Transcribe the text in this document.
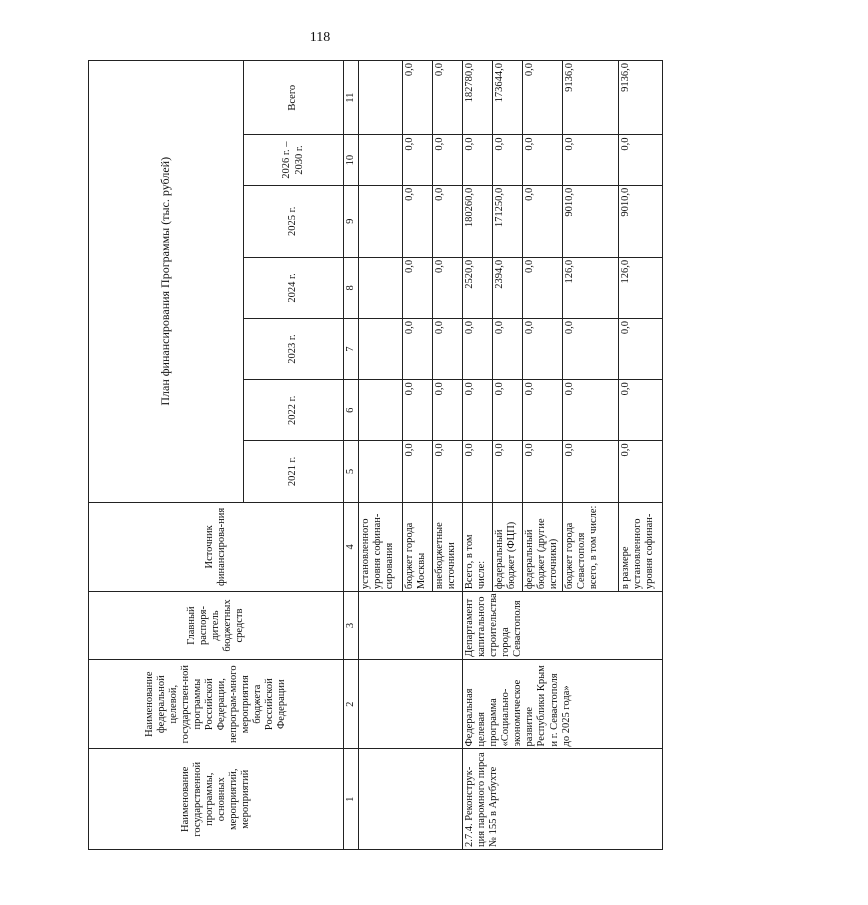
118
Наименование государственной программы, основных мероприятий, мероприятий	Наименование федеральной целевой, государствен-ной программы Российской Федерации, непрограм-много мероприятия бюджета Российской Федерации	Главный распоря-дитель бюджетных средств	Источник финансирова-ния	План финансирования Программы (тыс. рублей)						
				2021 г.	2022 г.	2023 г.	2024 г.	2025 г.	2026 г. – 2030 г.	Всего
1	2	3	4	5	6	7	8	9	10	11
			установленного уровня софинан-сирования							
			бюджет города Москвы	0,0	0,0	0,0	0,0	0,0	0,0	0,0
			внебюджетные источники	0,0	0,0	0,0	0,0	0,0	0,0	0,0
2.7.4. Реконструк-ция паромного пирса № 155 в Артбухте	Федеральная целевая программа «Социально-экономическое развитие Республики Крым и г. Севастополя до 2025 года»	Департамент капитального строительства города Севастополя	Всего, в том числе:	0,0	0,0	0,0	2520,0	180260,0	0,0	182780,0
			федеральный бюджет (ФЦП)	0,0	0,0	0,0	2394,0	171250,0	0,0	173644,0
			федеральный бюджет (другие источники)	0,0	0,0	0,0	0,0	0,0	0,0	0,0
			бюджет города Севастополя всего, в том числе:	0,0	0,0	0,0	126,0	9010,0	0,0	9136,0
			в размере установленного уровня софинан-	0,0	0,0	0,0	126,0	9010,0	0,0	9136,0
